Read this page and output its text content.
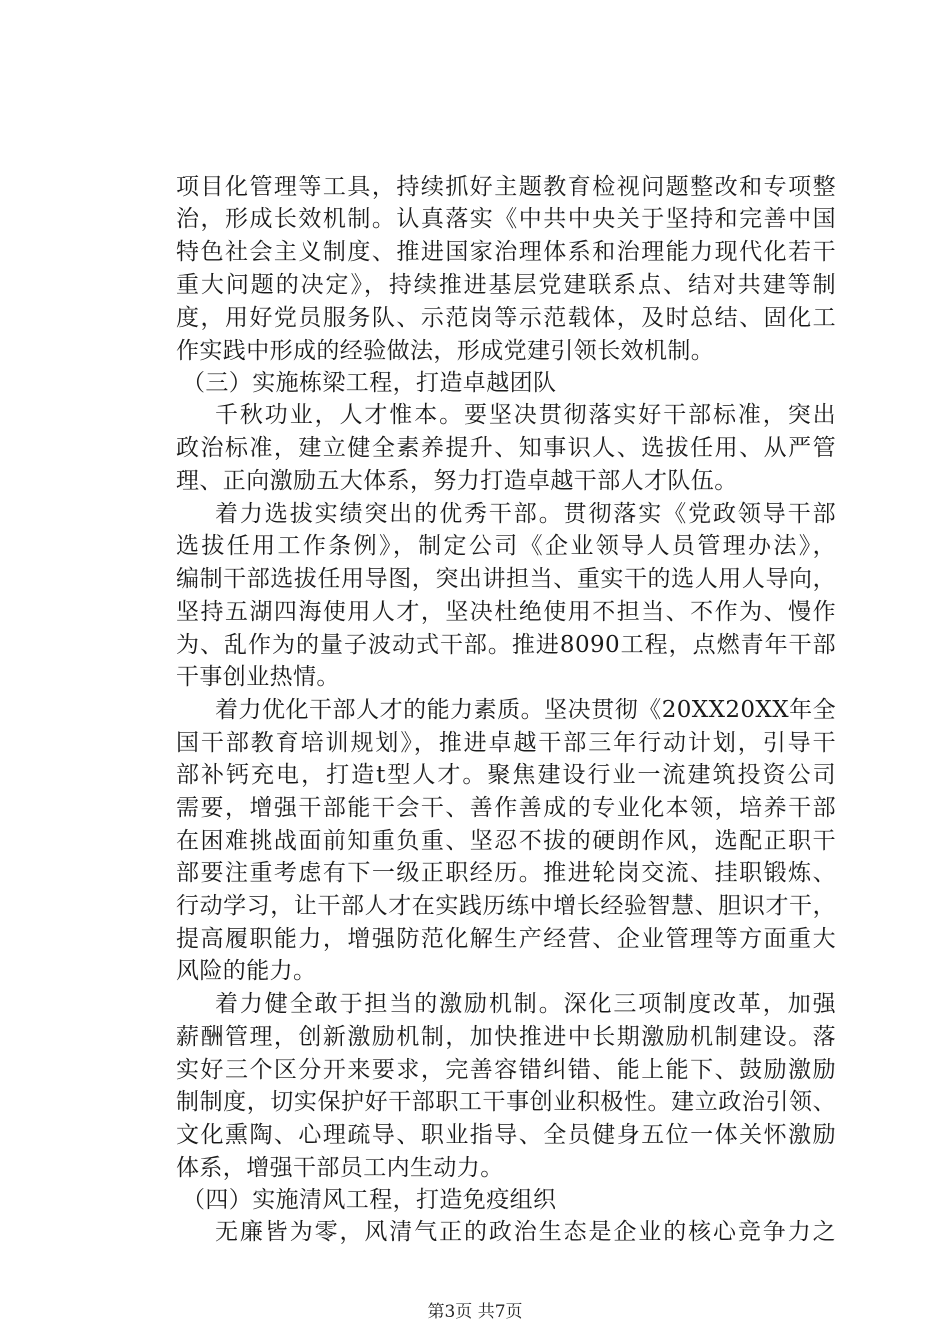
项目化管理等工具，持续抓好主题教育检视问题整改和专项整
治，形成长效机制。认真落实《中共中央关于坚持和完善中国
特色社会主义制度、推进国家治理体系和治理能力现代化若干
重大问题的决定》，持续推进基层党建联系点、结对共建等制
度，用好党员服务队、示范岗等示范载体，及时总结、固化工
作实践中形成的经验做法，形成党建引领长效机制。
（三）实施栋梁工程，打造卓越团队
千秋功业，人才惟本。要坚决贯彻落实好干部标准，突出
政治标准，建立健全素养提升、知事识人、选拔任用、从严管
理、正向激励五大体系，努力打造卓越干部人才队伍。
着力选拔实绩突出的优秀干部。贯彻落实《党政领导干部
选拔任用工作条例》，制定公司《企业领导人员管理办法》，
编制干部选拔任用导图，突出讲担当、重实干的选人用人导向，
坚持五湖四海使用人才，坚决杜绝使用不担当、不作为、慢作
为、乱作为的量子波动式干部。推进8090工程，点燃青年干部
干事创业热情。
着力优化干部人才的能力素质。坚决贯彻《20XX20XX年全
国干部教育培训规划》，推进卓越干部三年行动计划，引导干
部补钙充电，打造t型人才。聚焦建设行业一流建筑投资公司
需要，增强干部能干会干、善作善成的专业化本领，培养干部
在困难挑战面前知重负重、坚忍不拔的硬朗作风，选配正职干
部要注重考虑有下一级正职经历。推进轮岗交流、挂职锻炼、
行动学习，让干部人才在实践历练中增长经验智慧、胆识才干，
提高履职能力，增强防范化解生产经营、企业管理等方面重大
风险的能力。
着力健全敢于担当的激励机制。深化三项制度改革，加强
薪酬管理，创新激励机制，加快推进中长期激励机制建设。落
实好三个区分开来要求，完善容错纠错、能上能下、鼓励激励
制制度，切实保护好干部职工干事创业积极性。建立政治引领、
文化熏陶、心理疏导、职业指导、全员健身五位一体关怀激励
体系，增强干部员工内生动力。
（四）实施清风工程，打造免疫组织
无廉皆为零，风清气正的政治生态是企业的核心竞争力之
第3页 共7页
